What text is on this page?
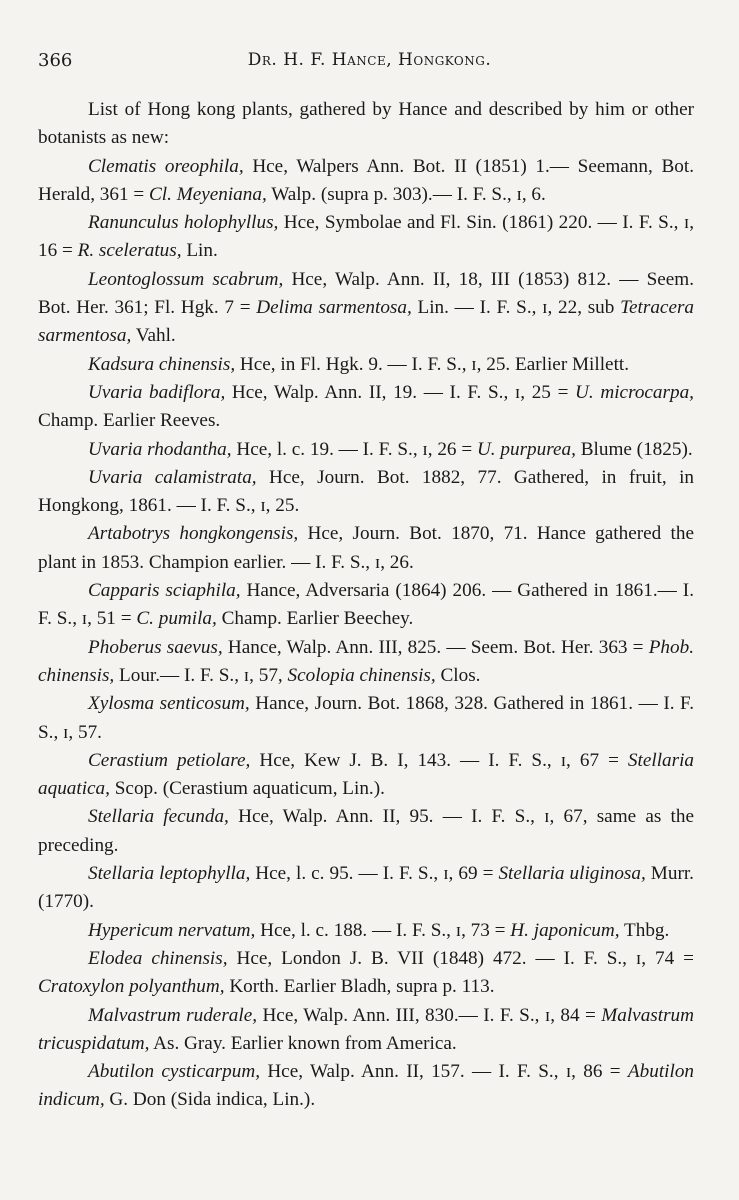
366	Dr. H. F. Hance, Hongkong.

List of Hong kong plants, gathered by Hance and described by him or other botanists as new:

Clematis oreophila, Hce, Walpers Ann. Bot. II (1851) 1.— Seemann, Bot. Herald, 361 = Cl. Meyeniana, Walp. (supra p. 303).— I. F. S., ɪ, 6.

Ranunculus holophyllus, Hce, Symbolae and Fl. Sin. (1861) 220. — I. F. S., ɪ, 16 = R. sceleratus, Lin.

Leontoglossum scabrum, Hce, Walp. Ann. II, 18, III (1853) 812. — Seem. Bot. Her. 361; Fl. Hgk. 7 = Delima sarmentosa, Lin. — I. F. S., ɪ, 22, sub Tetracera sarmentosa, Vahl.

Kadsura chinensis, Hce, in Fl. Hgk. 9. — I. F. S., ɪ, 25. Earlier Millett.

Uvaria badiflora, Hce, Walp. Ann. II, 19. — I. F. S., ɪ, 25 = U. microcarpa, Champ. Earlier Reeves.

Uvaria rhodantha, Hce, l. c. 19. — I. F. S., ɪ, 26 = U. purpurea, Blume (1825).

Uvaria calamistrata, Hce, Journ. Bot. 1882, 77. Gathered, in fruit, in Hongkong, 1861. — I. F. S., ɪ, 25.

Artabotrys hongkongensis, Hce, Journ. Bot. 1870, 71. Hance gathered the plant in 1853. Champion earlier. — I. F. S., ɪ, 26.

Capparis sciaphila, Hance, Adversaria (1864) 206. — Gathered in 1861.— I. F. S., ɪ, 51 = C. pumila, Champ. Earlier Beechey.

Phoberus saevus, Hance, Walp. Ann. III, 825. — Seem. Bot. Her. 363 = Phob. chinensis, Lour.— I. F. S., ɪ, 57, Scolopia chinensis, Clos.

Xylosma senticosum, Hance, Journ. Bot. 1868, 328. Gathered in 1861. — I. F. S., ɪ, 57.

Cerastium petiolare, Hce, Kew J. B. I, 143. — I. F. S., ɪ, 67 = Stellaria aquatica, Scop. (Cerastium aquaticum, Lin.).

Stellaria fecunda, Hce, Walp. Ann. II, 95. — I. F. S., ɪ, 67, same as the preceding.

Stellaria leptophylla, Hce, l. c. 95. — I. F. S., ɪ, 69 = Stellaria uliginosa, Murr. (1770).

Hypericum nervatum, Hce, l. c. 188. — I. F. S., ɪ, 73 = H. japonicum, Thbg.

Elodea chinensis, Hce, London J. B. VII (1848) 472. — I. F. S., ɪ, 74 = Cratoxylon polyanthum, Korth. Earlier Bladh, supra p. 113.

Malvastrum ruderale, Hce, Walp. Ann. III, 830.— I. F. S., ɪ, 84 = Malvastrum tricuspidatum, As. Gray. Earlier known from America.

Abutilon cysticarpum, Hce, Walp. Ann. II, 157. — I. F. S., ɪ, 86 = Abutilon indicum, G. Don (Sida indica, Lin.).
